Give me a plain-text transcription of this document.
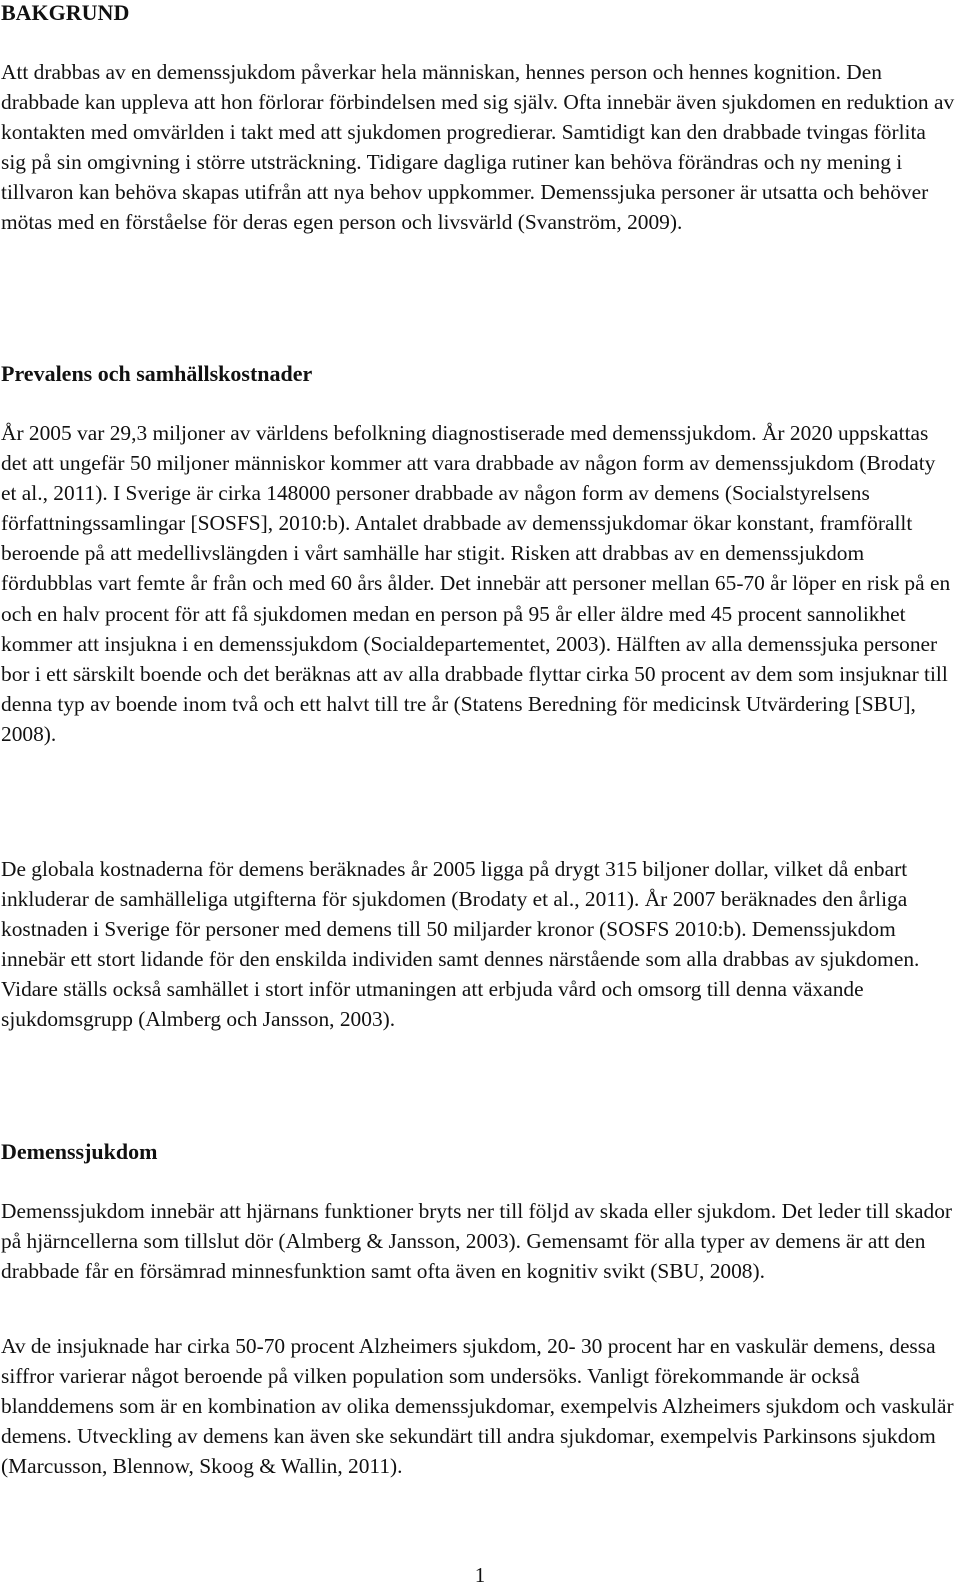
BAKGRUND

Att drabbas av en demenssjukdom påverkar hela människan, hennes person och hennes kognition. Den drabbade kan uppleva att hon förlorar förbindelsen med sig själv. Ofta innebär även sjukdomen en reduktion av kontakten med omvärlden i takt med att sjukdomen progredierar. Samtidigt kan den drabbade tvingas förlita sig på sin omgivning i större utsträckning. Tidigare dagliga rutiner kan behöva förändras och ny mening i tillvaron kan behöva skapas utifrån att nya behov uppkommer. Demenssjuka personer är utsatta och behöver mötas med en förståelse för deras egen person och livsvärld (Svanström, 2009).

Prevalens och samhällskostnader

År 2005 var 29,3 miljoner av världens befolkning diagnostiserade med demenssjukdom. År 2020 uppskattas det att ungefär 50 miljoner människor kommer att vara drabbade av någon form av demenssjukdom (Brodaty et al., 2011). I Sverige är cirka 148000 personer drabbade av någon form av demens (Socialstyrelsens författningssamlingar [SOSFS], 2010:b). Antalet drabbade av demenssjukdomar ökar konstant, framförallt beroende på att medellivslängden i vårt samhälle har stigit. Risken att drabbas av en demenssjukdom fördubblas vart femte år från och med 60 års ålder. Det innebär att personer mellan 65-70 år löper en risk på en och en halv procent för att få sjukdomen medan en person på 95 år eller äldre med 45 procent sannolikhet kommer att insjukna i en demenssjukdom (Socialdepartementet, 2003). Hälften av alla demenssjuka personer bor i ett särskilt boende och det beräknas att av alla drabbade flyttar cirka 50 procent av dem som insjuknar till denna typ av boende inom två och ett halvt till tre år (Statens Beredning för medicinsk Utvärdering [SBU], 2008).

De globala kostnaderna för demens beräknades år 2005 ligga på drygt 315 biljoner dollar, vilket då enbart inkluderar de samhälleliga utgifterna för sjukdomen (Brodaty et al., 2011). År 2007 beräknades den årliga kostnaden i Sverige för personer med demens till 50 miljarder kronor (SOSFS 2010:b). Demenssjukdom innebär ett stort lidande för den enskilda individen samt dennes närstående som alla drabbas av sjukdomen. Vidare ställs också samhället i stort inför utmaningen att erbjuda vård och omsorg till denna växande sjukdomsgrupp (Almberg och Jansson, 2003).

Demenssjukdom

Demenssjukdom innebär att hjärnans funktioner bryts ner till följd av skada eller sjukdom. Det leder till skador på hjärncellerna som tillslut dör (Almberg & Jansson, 2003). Gemensamt för alla typer av demens är att den drabbade får en försämrad minnesfunktion samt ofta även en kognitiv svikt (SBU, 2008).

Av de insjuknade har cirka 50-70 procent Alzheimers sjukdom, 20- 30 procent har en vaskulär demens, dessa siffror varierar något beroende på vilken population som undersöks. Vanligt förekommande är också blanddemens som är en kombination av olika demenssjukdomar, exempelvis Alzheimers sjukdom och vaskulär demens. Utveckling av demens kan även ske sekundärt till andra sjukdomar, exempelvis Parkinsons sjukdom (Marcusson, Blennow, Skoog & Wallin, 2011).

1
